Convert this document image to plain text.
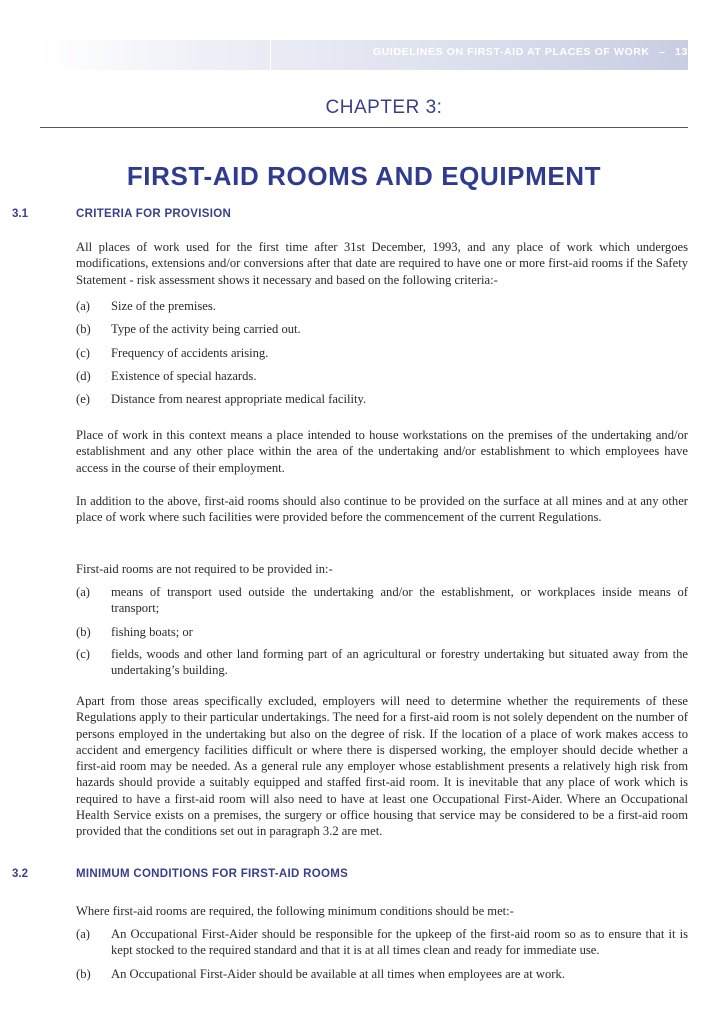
GUIDELINES ON FIRST-AID AT PLACES OF WORK – 13
CHAPTER 3:
FIRST-AID ROOMS AND EQUIPMENT
3.1	CRITERIA FOR PROVISION

All places of work used for the first time after 31st December, 1993, and any place of work which undergoes modifications, extensions and/or conversions after that date are required to have one or more first-aid rooms if the Safety Statement - risk assessment shows it necessary and based on the following criteria:-

(a) Size of the premises.
(b) Type of the activity being carried out.
(c) Frequency of accidents arising.
(d) Existence of special hazards.
(e) Distance from nearest appropriate medical facility.

Place of work in this context means a place intended to house workstations on the premises of the undertaking and/or establishment and any other place within the area of the undertaking and/or establishment to which employees have access in the course of their employment.

In addition to the above, first-aid rooms should also continue to be provided on the surface at all mines and at any other place of work where such facilities were provided before the commencement of the current Regulations.

First-aid rooms are not required to be provided in:-

(a) means of transport used outside the undertaking and/or the establishment, or workplaces inside means of transport;
(b) fishing boats; or
(c) fields, woods and other land forming part of an agricultural or forestry undertaking but situated away from the undertaking’s building.

Apart from those areas specifically excluded, employers will need to determine whether the requirements of these Regulations apply to their particular undertakings. The need for a first-aid room is not solely dependent on the number of persons employed in the undertaking but also on the degree of risk. If the location of a place of work makes access to accident and emergency facilities difficult or where there is dispersed working, the employer should decide whether a first-aid room may be needed. As a general rule any employer whose establishment presents a relatively high risk from hazards should provide a suitably equipped and staffed first-aid room. It is inevitable that any place of work which is required to have a first-aid room will also need to have at least one Occupational First-Aider. Where an Occupational Health Service exists on a premises, the surgery or office housing that service may be considered to be a first-aid room provided that the conditions set out in paragraph 3.2 are met.

3.2	MINIMUM CONDITIONS FOR FIRST-AID ROOMS

Where first-aid rooms are required, the following minimum conditions should be met:-

(a) An Occupational First-Aider should be responsible for the upkeep of the first-aid room so as to ensure that it is kept stocked to the required standard and that it is at all times clean and ready for immediate use.
(b) An Occupational First-Aider should be available at all times when employees are at work.
